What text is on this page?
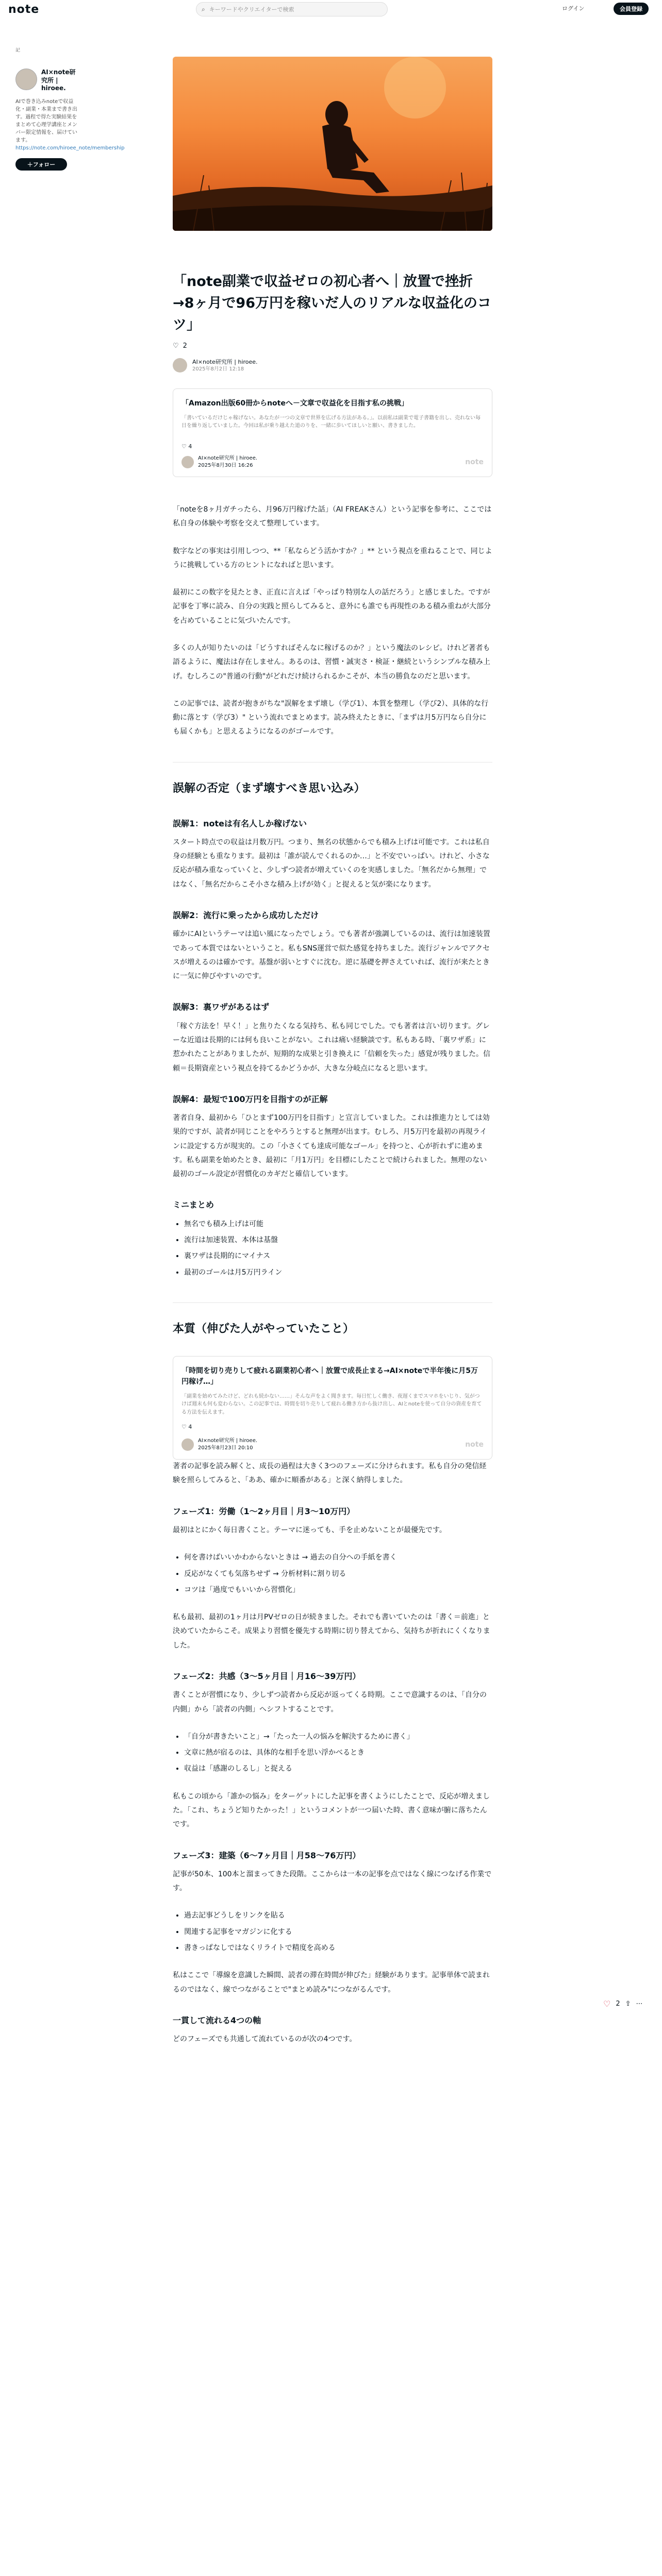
note	⌕ キーワードやクリエイターで検索	ログイン	会員登録
記
AI×note研究所 | hiroee.
AIで巻き込みnoteで収益化・副業・本業まで書き出す。過程で得た実験結果をまとめて心理学講座とメンバー限定情報を、届けています。 https://note.com/hiroee_note/membership
＋ フォロー
「note副業で収益ゼロの初心者へ｜放置で挫折→8ヶ月で96万円を稼いだ人のリアルな収益化のコツ」
♡ 2
AI×note研究所 | hiroee.
2025年8月2日 12:18
「Amazon出版60冊からnoteへ－文章で収益化を目指す私の挑戦」
「書いているだけじゃ稼げない。あなたが一つの文章で世界を広げる方法がある。」。以前私は副業で電子書籍を出し、売れない毎日を繰り返していました。今回は私が乗り越えた道のりを、一緒に歩いてほしいと願い、書きました。
♡ 4
AI×note研究所 | hiroee.
2025年8月30日 16:26	note

「noteを8ヶ月ガチったら、月96万円稼げた話」（AI FREAKさん）という記事を参考に、ここでは私自身の体験や考察を交えて整理しています。

数字などの事実は引用しつつ、**「私ならどう活かすか？」** という視点を重ねることで、同じように挑戦している方のヒントになればと思います。

最初にこの数字を見たとき、正直に言えば「やっぱり特別な人の話だろう」と感じました。ですが記事を丁寧に読み、自分の実践と照らしてみると、意外にも誰でも再現性のある積み重ねが大部分を占めていることに気づいたんです。

多くの人が知りたいのは「ビうすればそんなに稼げるのか？」という魔法のレシピ。けれど著者も語るように、魔法は存在しません。あるのは、習慣・誠実さ・検証・継続というシンプルな積み上げ。むしろこの"普通の行動"がどれだけ続けられるかこそが、本当の勝負なのだと思います。

この記事では、読者が抱きがちな"誤解をまず壊し（学び1）、本質を整理し（学び2）、具体的な行動に落とす（学び3）" という流れでまとめます。読み終えたときに、「まずは月5万円なら自分にも届くかも」と思えるようになるのがゴールです。

誤解の否定（まず壊すべき思い込み）
誤解1：noteは有名人しか稼げない

スタート時点での収益は月数万円。つまり、無名の状態からでも積み上げは可能です。これは私自身の経験とも重なります。最初は「誰が読んでくれるのか…」と不安でいっぱい。けれど、小さな反応が積み重なっていくと、少しずつ読者が増えていくのを実感しました。「無名だから無理」ではなく、「無名だからこそ小さな積み上げが効く」と捉えると気が楽になります。

誤解2：流行に乗ったから成功しただけ

確かにAIというテーマは追い風になったでしょう。でも著者が強調しているのは、流行は加速装置であって本質ではないということ。私もSNS運営で似た感覚を持ちました。流行ジャンルでアクセスが増えるのは確かです。基盤が弱いとすぐに沈む。逆に基礎を押さえていれば、流行が来たときに一気に伸びやすいのです。

誤解3：裏ワザがあるはず

「稼ぐ方法を！早く！」と焦りたくなる気持ち、私も同じでした。でも著者は言い切ります。グレーな近道は長期的には何も良いことがない。これは痛い経験談です。私もある時、「裏ワザ系」に惹かれたことがありましたが、短期的な成果と引き換えに「信頼を失った」感覚が残りました。信頼＝長期資産という視点を持てるかどうかが、大きな分岐点になると思います。

誤解4：最短で100万円を目指すのが正解

著者自身、最初から「ひとまず100万円を目指す」と宣言していました。これは推進力としては効果的ですが、読者が同じことをやろうとすると無理が出ます。むしろ、月5万円を最初の再現ラインに設定する方が現実的。この「小さくても達成可能なゴール」を持つと、心が折れずに進めます。私も副業を始めたとき、最初に「月1万円」を目標にしたことで続けられました。無理のない最初のゴール設定が習慣化のカギだと確信しています。

ミニまとめ
• 無名でも積み上げは可能
• 流行は加速装置、本体は基盤
• 裏ワザは長期的にマイナス
• 最初のゴールは月5万円ライン
本質（伸びた人がやっていたこと）
「時間を切り売りして疲れる副業初心者へ｜放置で成長止まる→AI×noteで半年後に月5万円稼げ…」
「副業を始めてみたけど、どれも続かない……」そんな声をよく聞きます。毎日忙しく働き、夜遅くまでスマホをいじり、気がつけば週末も何も変わらない。この記事では、時間を切り売りして疲れる働き方から抜け出し、AIとnoteを使って自分の資産を育てる方法を伝えます。
♡ 4
AI×note研究所 | hiroee.
2025年8月23日 20:10	note

著者の記事を読み解くと、成長の過程は大きく3つのフェーズに分けられます。私も自分の発信経験を照らしてみると、「ああ、確かに順番がある」と深く納得しました。

フェーズ1：労働（1〜2ヶ月目｜月3〜10万円）

最初はとにかく毎日書くこと。テーマに迷っても、手を止めないことが最優先です。

• 何を書けばいいかわからないときは → 過去の自分への手紙を書く
• 反応がなくても気落ちせず → 分析材料に割り切る
• コツは「過度でもいいから習慣化」

私も最初、最初の1ヶ月は月PVゼロの日が続きました。それでも書いていたのは「書く＝前進」と決めていたからこそ。成果より習慣を優先する時期に切り替えてから、気持ちが折れにくくなりました。

フェーズ2：共感（3〜5ヶ月目｜月16〜39万円）

書くことが習慣になり、少しずつ読者から反応が返ってくる時期。ここで意識するのは、「自分の内側」から「読者の内側」へシフトすることです。

• 「自分が書きたいこと」→「たった一人の悩みを解決するために書く」
• 文章に熱が宿るのは、具体的な相手を思い浮かべるとき
• 収益は「感謝のしるし」と捉える

私もこの頃から「誰かの悩み」をターゲットにした記事を書くようにしたことで、反応が増えました。「これ、ちょうど知りたかった！」というコメントが一つ届いた時、書く意味が腑に落ちたんです。

フェーズ3：建築（6〜7ヶ月目｜月58〜76万円）

記事が50本、100本と溜まってきた段階。ここからは一本の記事を点ではなく線につなげる作業です。

• 過去記事どうしをリンクを貼る
• 関連する記事をマガジンに化する
• 書きっぱなしではなくリライトで精度を高める

私はここで「導線を意識した瞬間、読者の滞在時間が伸びた」経験があります。記事単体で読まれるのではなく、線でつながることで"まとめ読み"につながるんです。

一貫して流れる4つの軸

どのフェーズでも共通して流れているのが次の4つです。

♡ 2 ⇪ ⋯
